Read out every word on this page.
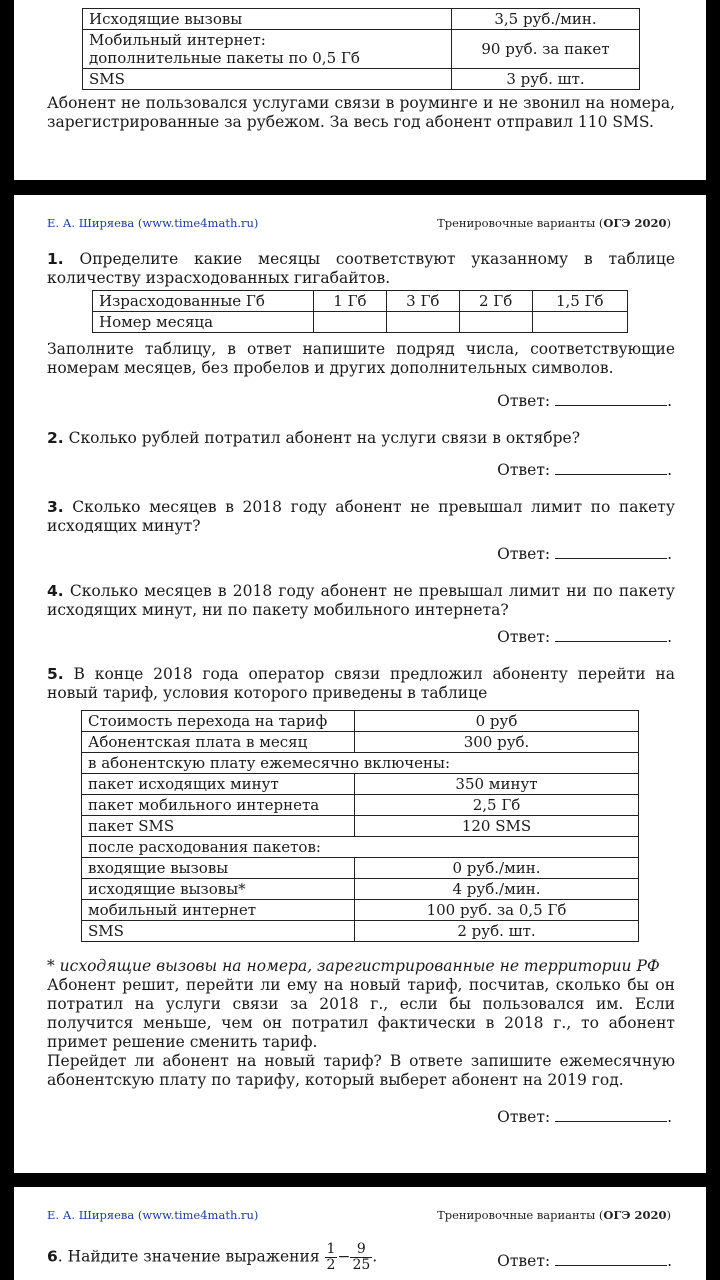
Исходящие вызовы	3,5 руб./мин.

Мобильный интернет:
дополнительные пакеты по 0,5 Гб	90 руб. за пакет
SMS	3 руб. шт.

Абонент не пользовался услугами связи в роуминге и не звонил на номера, зарегистрированные за рубежом. За весь год абонент отправил 110 SMS.

Е. А. Ширяева (www.time4math.ru)	Тренировочные варианты (ОГЭ 2020)

1. Определите какие месяцы соответствуют указанному в таблице количеству израсходованных гигабайтов.

Израсходованные Гб	1 Гб	3 Гб	2 Гб	1,5 Гб
Номер месяца				

Заполните таблицу, в ответ напишите подряд числа, соответствующие номерам месяцев, без пробелов и других дополнительных символов.

Ответ:	.

2. Сколько рублей потратил абонент на услуги связи в октябре?

Ответ:	.

3. Сколько месяцев в 2018 году абонент не превышал лимит по пакету исходящих минут?

Ответ:	.

4. Сколько месяцев в 2018 году абонент не превышал лимит ни по пакету исходящих минут, ни по пакету мобильного интернета?

Ответ:	.

5. В конце 2018 года оператор связи предложил абоненту перейти на новый тариф, условия которого приведены в таблице

Стоимость перехода на тариф	0 руб
Абонентская плата в месяц	300 руб.
в абонентскую плату ежемесячно включены:	
пакет исходящих минут	350 минут
пакет мобильного интернета	2,5 Гб
пакет SMS	120 SMS
после расходования пакетов:	
входящие вызовы	0 руб./мин.
исходящие вызовы*	4 руб./мин.
мобильный интернет	100 руб. за 0,5 Гб
SMS	2 руб. шт.

* исходящие вызовы на номера, зарегистрированные не территории РФ

Абонент решит, перейти ли ему на новый тариф, посчитав, сколько бы он потратил на услуги связи за 2018 г., если бы пользовался им. Если получится меньше, чем он потратил фактически в 2018 г., то абонент примет решение сменить тариф.

Перейдет ли абонент на новый тариф? В ответе запишите ежемесячную абонентскую плату по тарифу, который выберет абонент на 2019 год.

Ответ:	.
Е. А. Ширяева (www.time4math.ru)	Тренировочные варианты (ОГЭ 2020)

6. Найдите значение выражения $\frac{1}{2} - \frac{9}{25}$ .	Ответ:	.
